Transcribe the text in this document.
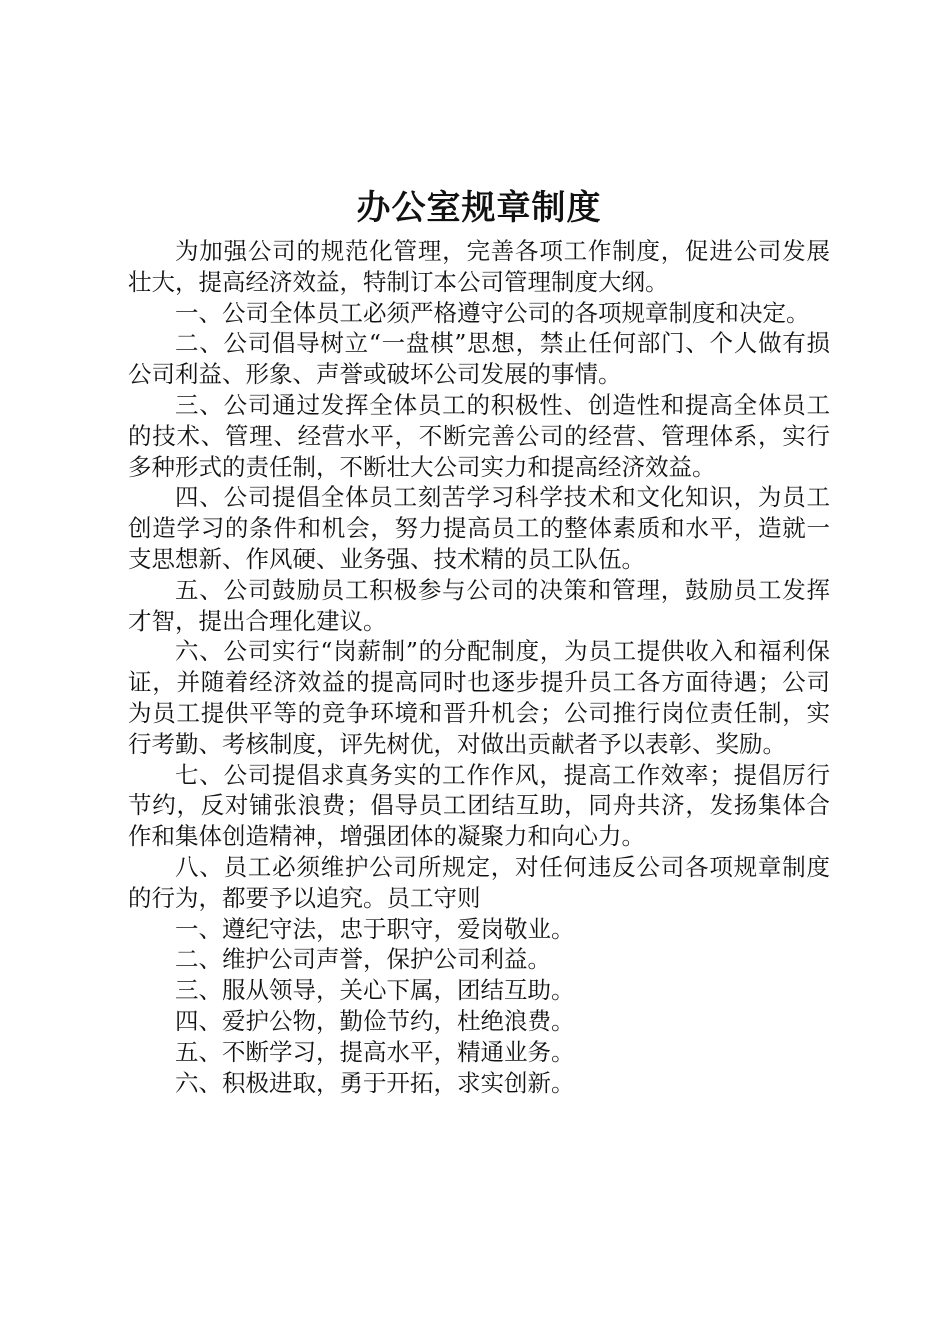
办公室规章制度

为加强公司的规范化管理，完善各项工作制度，促进公司发展壮大，提高经济效益，特制订本公司管理制度大纲。

一、公司全体员工必须严格遵守公司的各项规章制度和决定。

二、公司倡导树立“一盘棋”思想，禁止任何部门、个人做有损公司利益、形象、声誉或破坏公司发展的事情。

三、公司通过发挥全体员工的积极性、创造性和提高全体员工的技术、管理、经营水平，不断完善公司的经营、管理体系，实行多种形式的责任制，不断壮大公司实力和提高经济效益。

四、公司提倡全体员工刻苦学习科学技术和文化知识，为员工创造学习的条件和机会，努力提高员工的整体素质和水平，造就一支思想新、作风硬、业务强、技术精的员工队伍。

五、公司鼓励员工积极参与公司的决策和管理，鼓励员工发挥才智，提出合理化建议。

六、公司实行“岗薪制”的分配制度，为员工提供收入和福利保证，并随着经济效益的提高同时也逐步提升员工各方面待遇；公司为员工提供平等的竞争环境和晋升机会；公司推行岗位责任制，实行考勤、考核制度，评先树优，对做出贡献者予以表彰、奖励。

七、公司提倡求真务实的工作作风，提高工作效率；提倡厉行节约，反对铺张浪费；倡导员工团结互助，同舟共济，发扬集体合作和集体创造精神，增强团体的凝聚力和向心力。

八、员工必须维护公司所规定，对任何违反公司各项规章制度的行为，都要予以追究。员工守则

一、遵纪守法，忠于职守，爱岗敬业。

二、维护公司声誉，保护公司利益。

三、服从领导，关心下属，团结互助。

四、爱护公物，勤俭节约，杜绝浪费。

五、不断学习，提高水平，精通业务。

六、积极进取，勇于开拓，求实创新。
